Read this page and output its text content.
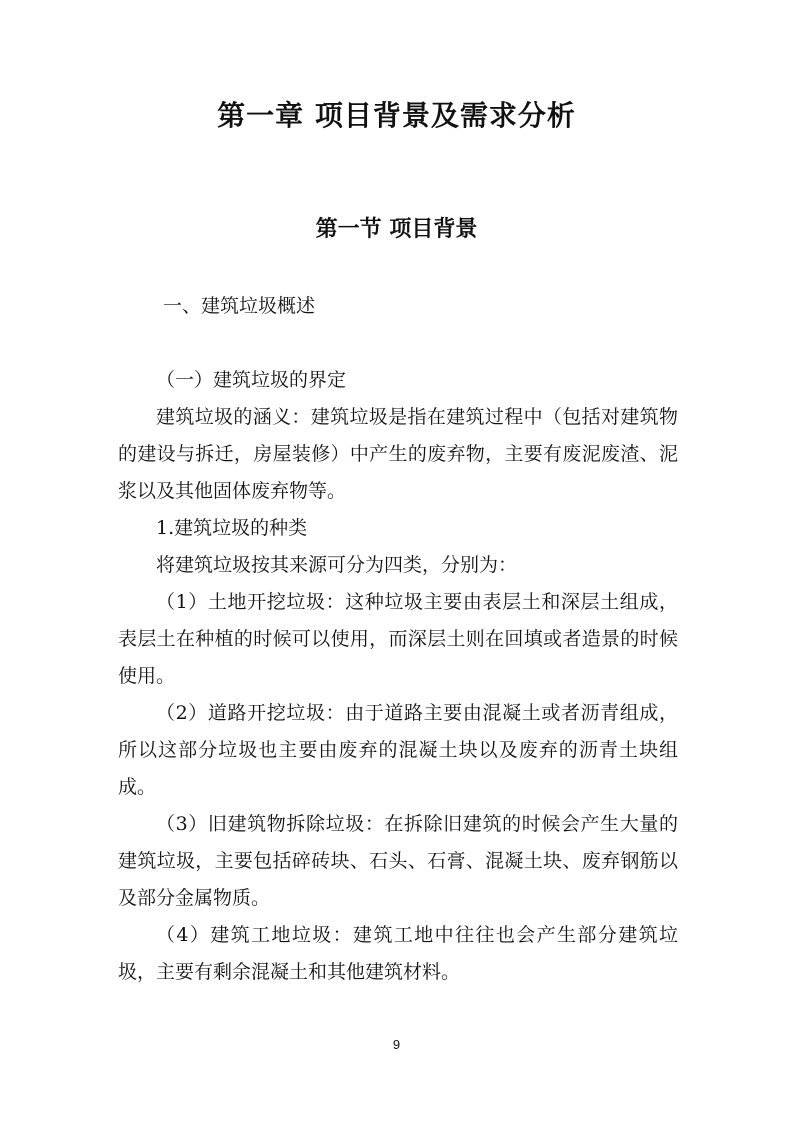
第一章 项目背景及需求分析
第一节 项目背景
一、建筑垃圾概述

（一）建筑垃圾的界定

建筑垃圾的涵义：建筑垃圾是指在建筑过程中（包括对建筑物的建设与拆迁，房屋装修）中产生的废弃物，主要有废泥废渣、泥浆以及其他固体废弃物等。

1.建筑垃圾的种类

将建筑垃圾按其来源可分为四类，分别为：

（1）土地开挖垃圾：这种垃圾主要由表层土和深层土组成，表层土在种植的时候可以使用，而深层土则在回填或者造景的时候使用。

（2）道路开挖垃圾：由于道路主要由混凝土或者沥青组成，所以这部分垃圾也主要由废弃的混凝土块以及废弃的沥青土块组成。

（3）旧建筑物拆除垃圾：在拆除旧建筑的时候会产生大量的建筑垃圾，主要包括碎砖块、石头、石膏、混凝土块、废弃钢筋以及部分金属物质。

（4）建筑工地垃圾：建筑工地中往往也会产生部分建筑垃圾，主要有剩余混凝土和其他建筑材料。

9
